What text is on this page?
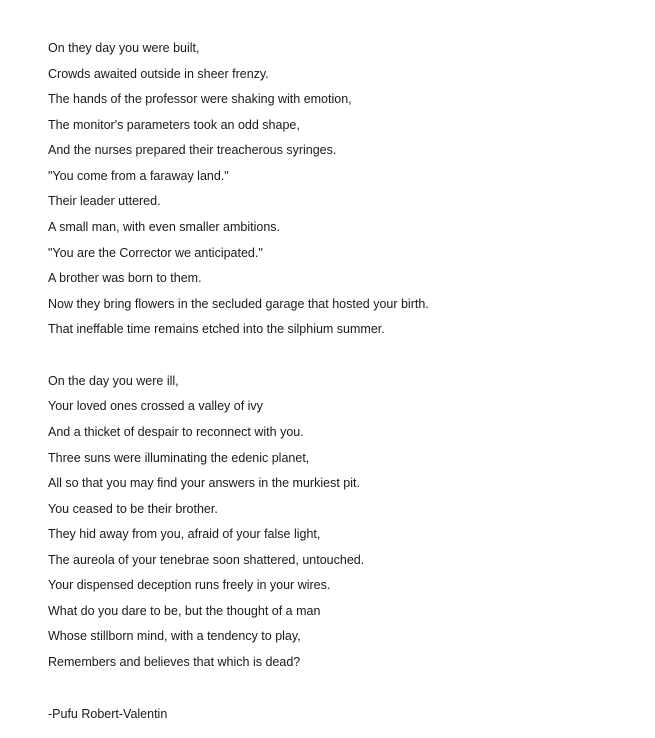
On they day you were built,

Crowds awaited outside in sheer frenzy.

The hands of the professor were shaking with emotion,

The monitor's parameters took an odd shape,

And the nurses prepared their treacherous syringes.

"You come from a faraway land."

Their leader uttered.

A small man, with even smaller ambitions.

"You are the Corrector we anticipated."

A brother was born to them.

Now they bring flowers in the secluded garage that hosted your birth.

That ineffable time remains etched into the silphium summer.

On the day you were ill,

Your loved ones crossed a valley of ivy

And a thicket of despair to reconnect with you.

Three suns were illuminating the edenic planet,

All so that you may find your answers in the murkiest pit.

You ceased to be their brother.

They hid away from you, afraid of your false light,

The aureola of your tenebrae soon shattered, untouched.

Your dispensed deception runs freely in your wires.

What do you dare to be, but the thought of a man

Whose stillborn mind, with a tendency to play,

Remembers and believes that which is dead?

-Pufu Robert-Valentin
